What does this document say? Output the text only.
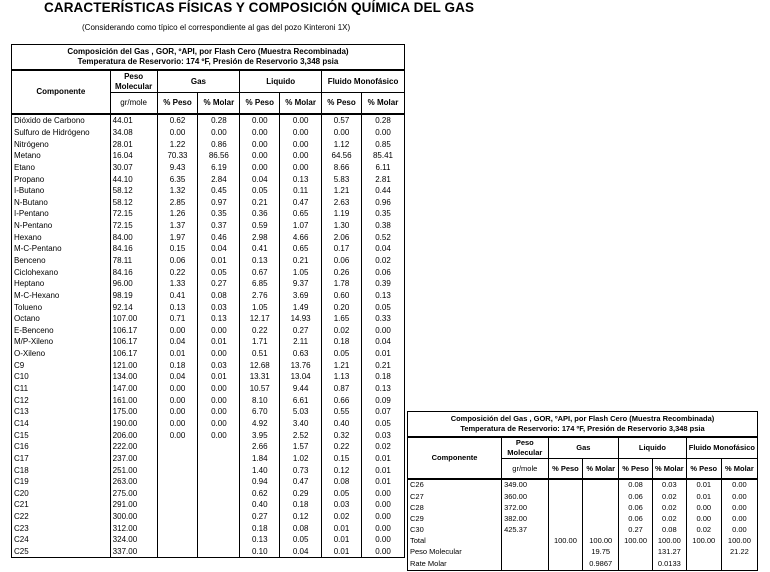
CARACTERÍSTICAS FÍSICAS Y COMPOSICIÓN QUÍMICA DEL GAS
(Considerando como típico el correspondiente al gas del pozo Kinteroni 1X)
Composición del Gas , GOR, ºAPI, por Flash Cero (Muestra Recombinada)
Temperatura de Reservorio: 174 ºF, Presión de Reservorio 3,348 psia							

Componente	Peso Molecular	Gas		Liquido		Fluido Monofásico	
	gr/mole	% Peso	% Molar	% Peso	% Molar	% Peso	% Molar
Dióxido de Carbono	44.01	0.62	0.28	0.00	0.00	0.57	0.28
Sulfuro de Hidrógeno	34.08	0.00	0.00	0.00	0.00	0.00	0.00
Nitrógeno	28.01	1.22	0.86	0.00	0.00	1.12	0.85
Metano	16.04	70.33	86.56	0.00	0.00	64.56	85.41
Etano	30.07	9.43	6.19	0.00	0.00	8.66	6.11
Propano	44.10	6.35	2.84	0.04	0.13	5.83	2.81
I-Butano	58.12	1.32	0.45	0.05	0.11	1.21	0.44
N-Butano	58.12	2.85	0.97	0.21	0.47	2.63	0.96
I-Pentano	72.15	1.26	0.35	0.36	0.65	1.19	0.35
N-Pentano	72.15	1.37	0.37	0.59	1.07	1.30	0.38
Hexano	84.00	1.97	0.46	2.98	4.66	2.06	0.52
M-C-Pentano	84.16	0.15	0.04	0.41	0.65	0.17	0.04
Benceno	78.11	0.06	0.01	0.13	0.21	0.06	0.02
Ciclohexano	84.16	0.22	0.05	0.67	1.05	0.26	0.06
Heptano	96.00	1.33	0.27	6.85	9.37	1.78	0.39
M-C-Hexano	98.19	0.41	0.08	2.76	3.69	0.60	0.13
Tolueno	92.14	0.13	0.03	1.05	1.49	0.20	0.05
Octano	107.00	0.71	0.13	12.17	14.93	1.65	0.33
E-Benceno	106.17	0.00	0.00	0.22	0.27	0.02	0.00
M/P-Xileno	106.17	0.04	0.01	1.71	2.11	0.18	0.04
O-Xileno	106.17	0.01	0.00	0.51	0.63	0.05	0.01
C9	121.00	0.18	0.03	12.68	13.76	1.21	0.21
C10	134.00	0.04	0.01	13.31	13.04	1.13	0.18
C11	147.00	0.00	0.00	10.57	9.44	0.87	0.13
C12	161.00	0.00	0.00	8.10	6.61	0.66	0.09
C13	175.00	0.00	0.00	6.70	5.03	0.55	0.07
C14	190.00	0.00	0.00	4.92	3.40	0.40	0.05
C15	206.00	0.00	0.00	3.95	2.52	0.32	0.03
C16	222.00			2.66	1.57	0.22	0.02
C17	237.00			1.84	1.02	0.15	0.01
C18	251.00			1.40	0.73	0.12	0.01
C19	263.00			0.94	0.47	0.08	0.01
C20	275.00			0.62	0.29	0.05	0.00
C21	291.00			0.40	0.18	0.03	0.00
C22	300.00			0.27	0.12	0.02	0.00
C23	312.00			0.18	0.08	0.01	0.00
C24	324.00			0.13	0.05	0.01	0.00
C25	337.00			0.10	0.04	0.01	0.00
Composición del Gas , GOR, ºAPI, por Flash Cero (Muestra Recombinada)
Temperatura de Reservorio: 174 ºF, Presión de Reservorio 3,348 psia							

Componente	Peso Molecular	Gas		Liquido		Fluido Monofásico	
	gr/mole	% Peso	% Molar	% Peso	% Molar	% Peso	% Molar
C26	349.00			0.08	0.03	0.01	0.00
C27	360.00			0.06	0.02	0.01	0.00
C28	372.00			0.06	0.02	0.00	0.00
C29	382.00			0.06	0.02	0.00	0.00
C30	425.37			0.27	0.08	0.02	0.00
Total		100.00	100.00	100.00	100.00	100.00	100.00
Peso Molecular			19.75		131.27		21.22
Rate Molar			0.9867		0.0133		
